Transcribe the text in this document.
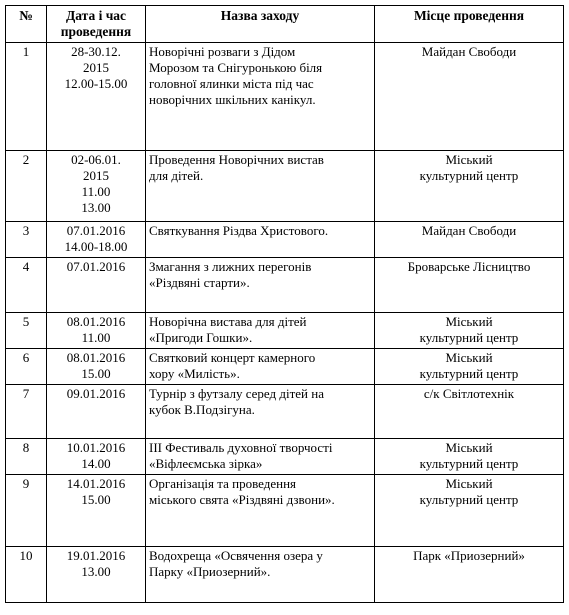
№	Дата і час
проведення	Назва заходу	Місце проведення

1	28-30.12.
2015
12.00-15.00	Новорічні розваги з Дідом
Морозом та Снігуронькою біля
головної ялинки міста під час
новорічних шкільних канікул.	Майдан Свободи

2	02-06.01.
2015
11.00
13.00	Проведення Новорічних вистав
для дітей.	Міський
культурний центр

3	07.01.2016
14.00-18.00	Святкування Різдва Христового.	Майдан Свободи

4	07.01.2016	Змагання з лижних перегонів
«Різдвяні старти».	Броварське Лісництво

5	08.01.2016
11.00	Новорічна вистава для дітей
«Пригоди Гошки».	Міський
культурний центр

6	08.01.2016
15.00	Святковий концерт камерного
хору «Милість».	Міський
культурний центр

7	09.01.2016	Турнір з футзалу серед дітей на
кубок В.Подзігуна.	с/к Світлотехнік

8	10.01.2016
14.00	ІІІ Фестиваль духовної творчості
«Віфлеємська зірка»	Міський
культурний центр

9	14.01.2016
15.00	Організація та проведення
міського свята «Різдвяні дзвони».	Міський
культурний центр

10	19.01.2016
13.00	Водохреща «Освячення озера у
Парку «Приозерний».	Парк «Приозерний»
